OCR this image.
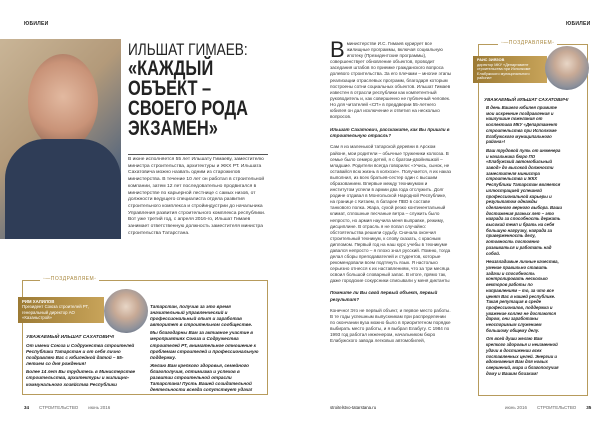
ЮБИЛЕИ
ИЛЬШАТ ГИМАЕВ:
«КАЖДЫЙ ОБЪЕКТ – СВОЕГО РОДА ЭКЗАМЕН»
В июне исполняется 55 лет Ильшату Гимаеву, заместителю министра строительства, архитектуры и ЖКХ РТ. Ильшата Сахатовича можно назвать одним из старожилов министерства. В течение 10 лет он работал в строительной компании, затем 12 лет последовательно продвигался в министерстве по карьерной лестнице с самых низов, от должности ведущего специалиста отдела развития строительного комплекса и стройиндустрии до начальника Управления развития строительного комплекса республики. Вот уже третий год, с апреля 2016-го, Ильшат Гимаев занимает ответственную должность заместителя министра строительства Татарстана.
◦—ПОЗДРАВЛЯЕМ◦
РИМ ХАЛИЛОВ
Президент Союза строителей РТ, генеральный директор АО «Казаньстрой»
УВАЖАЕМЫЙ ИЛЬШАТ САХАТОВИЧ!

От имени Союза и Содружества строителей Республики Татарстан и от себя лично поздравляю Вас с юбилейной датой – 55-летием со дня рождения!

Более 14 лет Вы трудитесь в Министерстве строительства, архитектуры и жилищно-коммунального хозяйства Республики

Татарстан, получив за это время значительный управленческий и профессиональный опыт и заработав авторитет в строительном сообществе.

Мы благодарны Вам за активное участие в мероприятиях Союза и Содружества строителей РТ, внимательное отношение к проблемам строителей и профессиональную поддержку.

Желаю Вам крепкого здоровья, семейного благополучия, оптимизма и успехов в развитии строительной отрасли Татарстана! Пусть Вашей созидательной деятельности всегда сопутствует удача!

34 СТРОИТЕЛЬСТВО июнь 2016
ЮБИЛЕИ
В министерстве И.С. Гимаев курирует все жилищные программы, включая социальную ипотеку (Президентские программы), совершенствует обновление объектов, проводит заседания штабов по приемке гражданского вопроса долевого строительства. За его плечами – многие этапы реализации отраслевых программ, благодаря которым построены сотни социальных объектов. Ильшат Гимаев известен в отрасли республики как компетентный руководитель и, как совершенно не публичный человек. Но для читателей «СП» в преддверии 55-летнего юбилея он дал исключение и ответил на несколько вопросов.

Ильшат Сахатович, расскажите, как Вы пришли в строительную отрасль?

Сам я из маленькой татарской деревни в Арском районе, мои родители – обычные труженики колхоза. В семье было семеро детей, я с братом-двойняшкой – младшие. Родители всегда говорили: «Учись, сынок, не оставайся всю жизнь в колхозе». Получается, я их наказ выполнил, из всех братьев-сестер один с высшим образованием. Впервые между техникумом и институтом успели в армии два года отслужить. Долг родине отдавал в Монгольской Народной Республике, на границе с Китаем, в батарее ПВО в составе танкового полка. Жара, сухой резко континентальный климат, сплошные песчаные ветра – служить было непросто, но армия научила меня выправке, режиму, дисциплине. В отрасль я не попал случайно: обстоятельства решили судьбу. Сначала окончил строительный техникум, к слову сказать, с красным дипломом. Первый год на наш курс учебы в техникуме давался непросто – я плохо знал русский. Помню, тогда делал сборы преподавателей и студентов, которые рекомендовали всем подтянуть язык. Я настолько серьезно отнесся к их наставлениям, что за три месяца освоил большой словарный запас. В итоге, прямо так, даже городские сокурсники списывали у меня диктанты

Помните ли Вы свой первый объект, первый результат?

Конечно! Это не первый объект, и первое место работы. В те годы успешным выпускникам при распределении по окончании вуза можно было в приоритетном порядке выбирать место работы, и я выбрал Елабугу. С 1984 по 1993 год работал инженером, начальником бюро Елабужского завода легковых автомобилей,

stroitelstvo-tatarstana.ru
◦—ПОЗДРАВЛЯЕМ◦
РАИС ЗИЯЗОВ
директор МКУ «Департамент строительства при Исполкоме Елабужского муниципального района»
УВАЖАЕМЫЙ ИЛЬШАТ САХАТОВИЧ!

В день Вашего юбилея примите мои искренние поздравления и наилучшие пожелания от коллектива МКУ «Департамент строительства при Исполкоме Елабужского муниципального района»!

Ваш трудовой путь от инженера и начальника бюро ПО «Елабужский автомобильный завод» до высокой должности заместителя министра строительства и ЖКХ Республики Татарстан является иллюстрацией успешной профессиональной карьеры и результатом однажды сделанного верного выбора. Ваши достижения разных лет – это награда за способность держать высокий темп и брать на себя большую нагрузку, награда за приверженность делу, готовность постоянно развиваться и работать над собой.

Неизгладимые личные качества, умение правильно ставить задачи и способность контролировать несколько векторов работы по направлениям – то, за что все ценят Вас в нашей республике. Такая репутация в среде профессионалов, поддержка и уважение коллег не достаются даром, они заработаны неоспоримым служением большому общему делу.

От всей души желаю Вам крепкого здоровья и неизменной удачи в достижении всех поставленных целей. Энергии и вдохновения Вам для новых свершений, мира и благополучия дому и Вашим близким!

июнь 2016 СТРОИТЕЛЬСТВО 35
